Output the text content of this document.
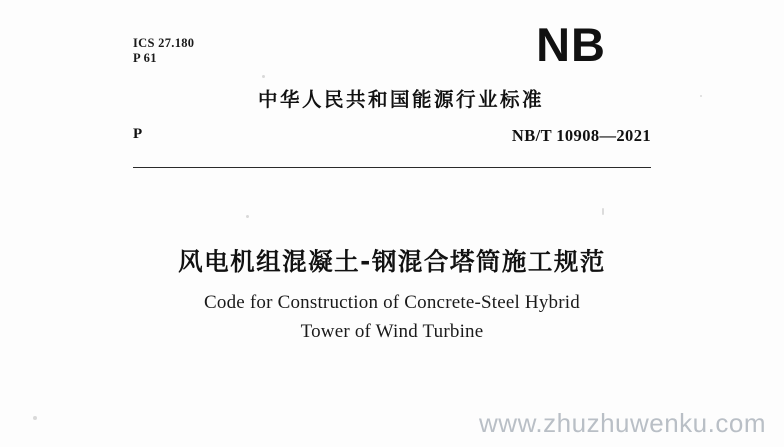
ICS 27.180
P 61	NB
中华人民共和国能源行业标准
P	NB/T 10908—2021
风电机组混凝土-钢混合塔筒施工规范
Code for Construction of Concrete-Steel Hybrid
Tower of Wind Turbine
www.zhuzhuwenku.com
